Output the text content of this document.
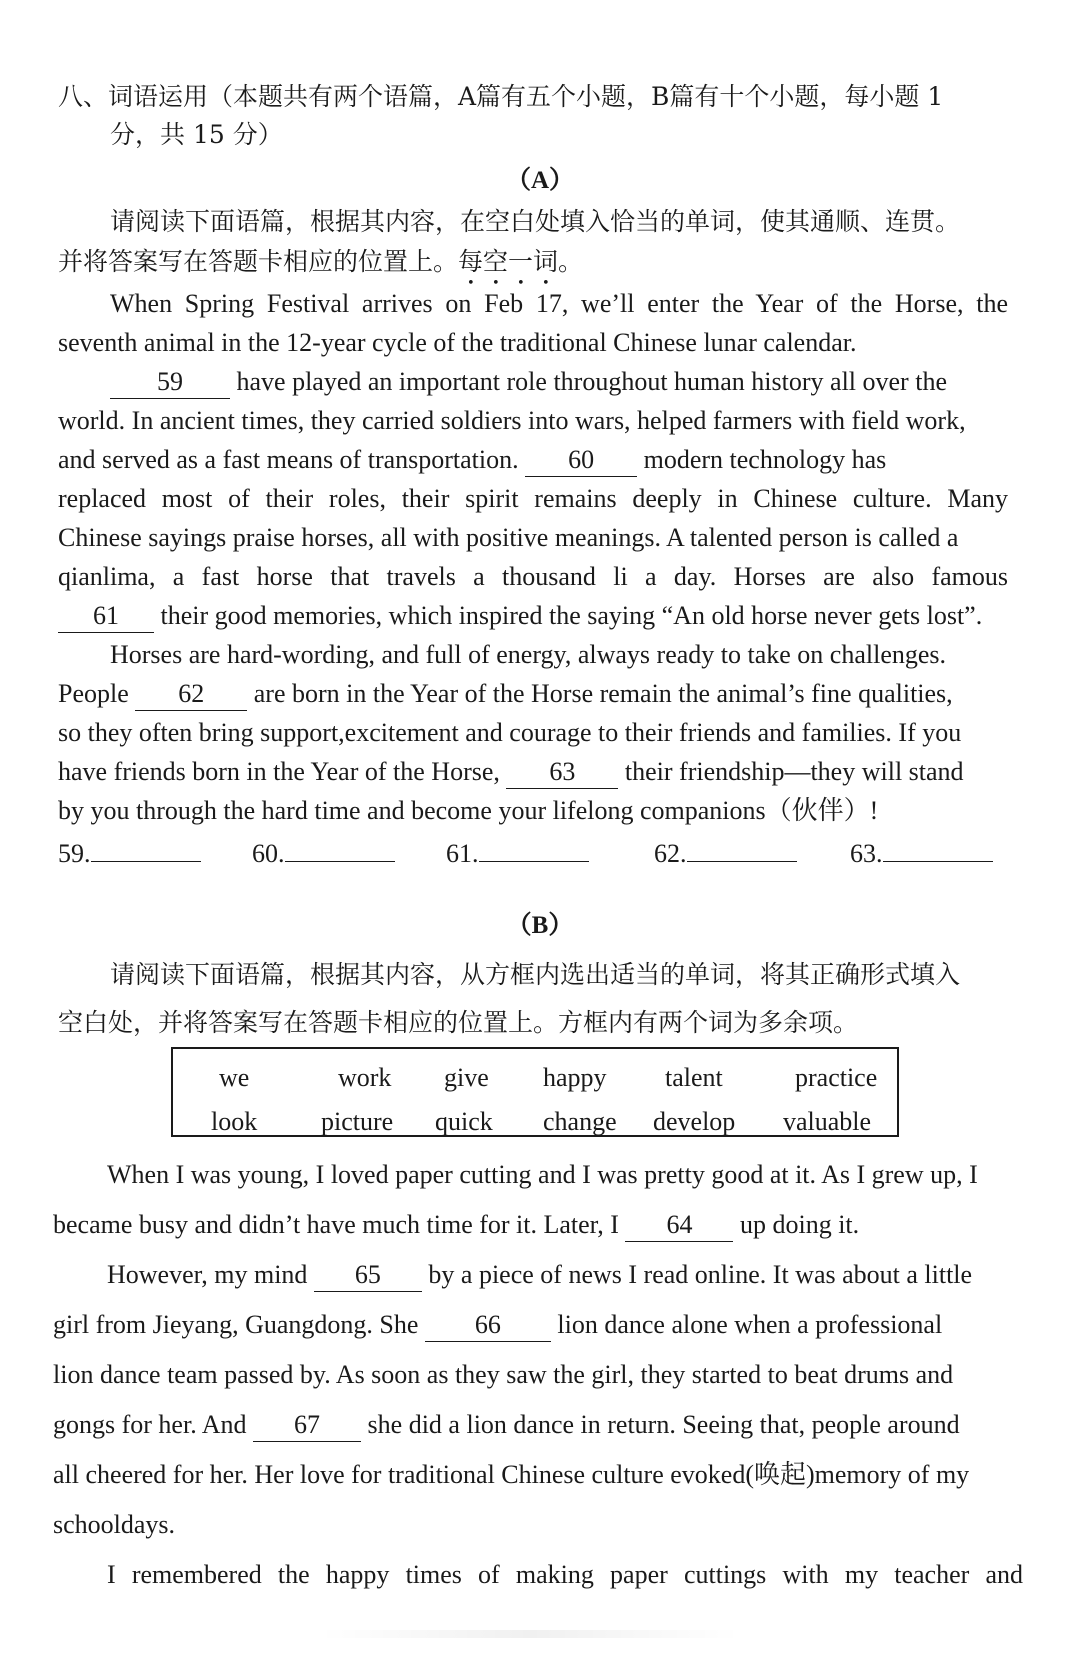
八、词语运用（本题共有两个语篇，A篇有五个小题，B篇有十个小题，每小题 1
分，共 15 分）
（A）
请阅读下面语篇，根据其内容，在空白处填入恰当的单词，使其通顺、连贯。
并将答案写在答题卡相应的位置上。每空一词。
When Spring Festival arrives on Feb 17, we’ll enter the Year of the Horse, the
seventh animal in the 12-year cycle of the traditional Chinese lunar calendar.
59 have played an important role throughout human history all over the
world. In ancient times, they carried soldiers into wars, helped farmers with field work,
and served as a fast means of transportation. 60 modern technology has
replaced most of their roles, their spirit remains deeply in Chinese culture. Many
Chinese sayings praise horses, all with positive meanings. A talented person is called a
qianlima, a fast horse that travels a thousand li a day. Horses are also famous
61 their good memories, which inspired the saying “An old horse never gets lost”.
Horses are hard-wording, and full of energy, always ready to take on challenges.
People 62 are born in the Year of the Horse remain the animal’s fine qualities,
so they often bring support,excitement and courage to their friends and families. If you
have friends born in the Year of the Horse, 63 their friendship—they will stand
by you through the hard time and become your lifelong companions（伙伴）!
59.	60.	61.	62.	63.
（B）
请阅读下面语篇，根据其内容，从方框内选出适当的单词，将其正确形式填入
空白处，并将答案写在答题卡相应的位置上。方框内有两个词为多余项。
we	work give happy talent	practice
look picture quick change develop valuable
When I was young, I loved paper cutting and I was pretty good at it. As I grew up, I
became busy and didn’t have much time for it. Later, I 64 up doing it.
However, my mind 65 by a piece of news I read online. It was about a little
girl from Jieyang, Guangdong. She 66 lion dance alone when a professional
lion dance team passed by. As soon as they saw the girl, they started to beat drums and
gongs for her. And 67 she did a lion dance in return. Seeing that, people around
all cheered for her. Her love for traditional Chinese culture evoked(唤起)memory of my
schooldays.
I remembered the happy times of making paper cuttings with my teacher and
